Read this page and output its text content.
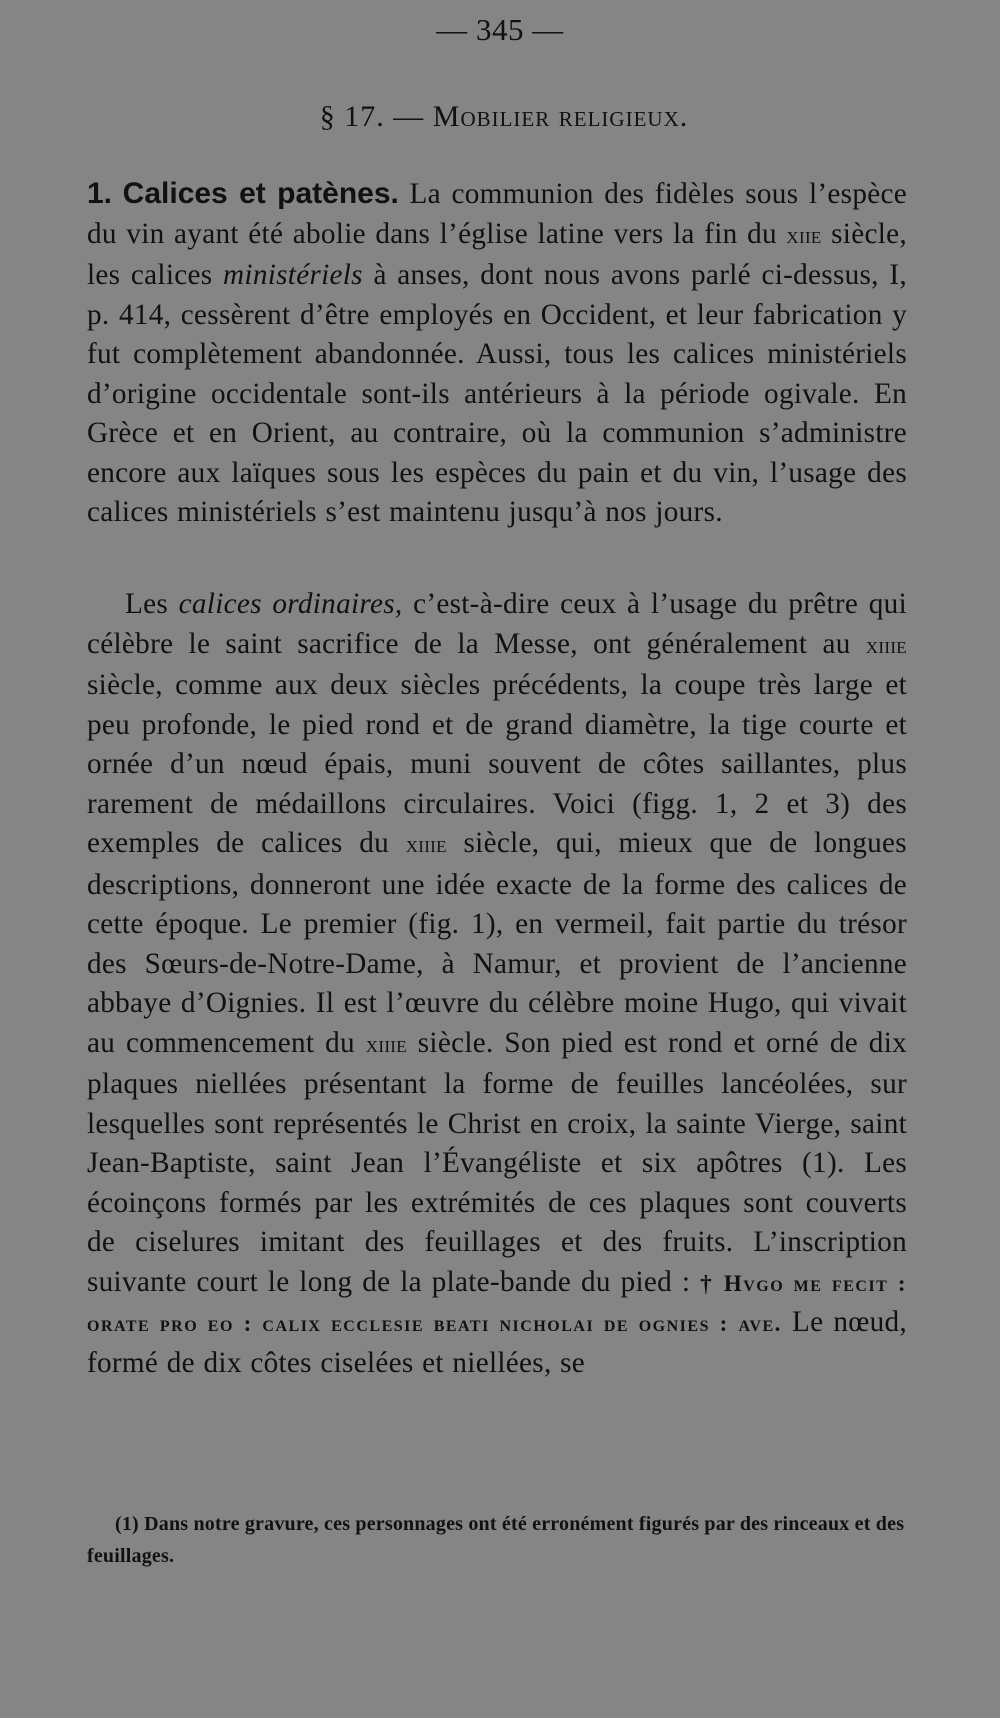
— 345 —
§ 17. — Mobilier religieux.
1. Calices et patènes. La communion des fidèles sous l’espèce du vin ayant été abolie dans l’église latine vers la fin du xiie siècle, les calices ministériels à anses, dont nous avons parlé ci-dessus, I, p. 414, cessèrent d’être employés en Occident, et leur fabrication y fut complètement abandonnée. Aussi, tous les calices ministériels d’origine occidentale sont-ils antérieurs à la période ogivale. En Grèce et en Orient, au contraire, où la communion s’administre encore aux laïques sous les espèces du pain et du vin, l’usage des calices ministériels s’est maintenu jusqu’à nos jours.
Les calices ordinaires, c’est-à-dire ceux à l’usage du prêtre qui célèbre le saint sacrifice de la Messe, ont généralement au xiiie siècle, comme aux deux siècles précédents, la coupe très large et peu profonde, le pied rond et de grand diamètre, la tige courte et ornée d’un nœud épais, muni souvent de côtes saillantes, plus rarement de médaillons circulaires. Voici (figg. 1, 2 et 3) des exemples de calices du xiiie siècle, qui, mieux que de longues descriptions, donneront une idée exacte de la forme des calices de cette époque. Le premier (fig. 1), en vermeil, fait partie du trésor des Sœurs-de-Notre-Dame, à Namur, et provient de l’ancienne abbaye d’Oignies. Il est l’œuvre du célèbre moine Hugo, qui vivait au commencement du xiiie siècle. Son pied est rond et orné de dix plaques niellées présentant la forme de feuilles lancéolées, sur lesquelles sont représentés le Christ en croix, la sainte Vierge, saint Jean-Baptiste, saint Jean l’Évangéliste et six apôtres (1). Les écoinçons formés par les extrémités de ces plaques sont couverts de ciselures imitant des feuillages et des fruits. L’inscription suivante court le long de la plate-bande du pied : † Hvgo me fecit : orate pro eo : calix ecclesie beati nicholai de ognies : ave. Le nœud, formé de dix côtes ciselées et niellées, se
(1) Dans notre gravure, ces personnages ont été erronément figurés par des rinceaux et des feuillages.
